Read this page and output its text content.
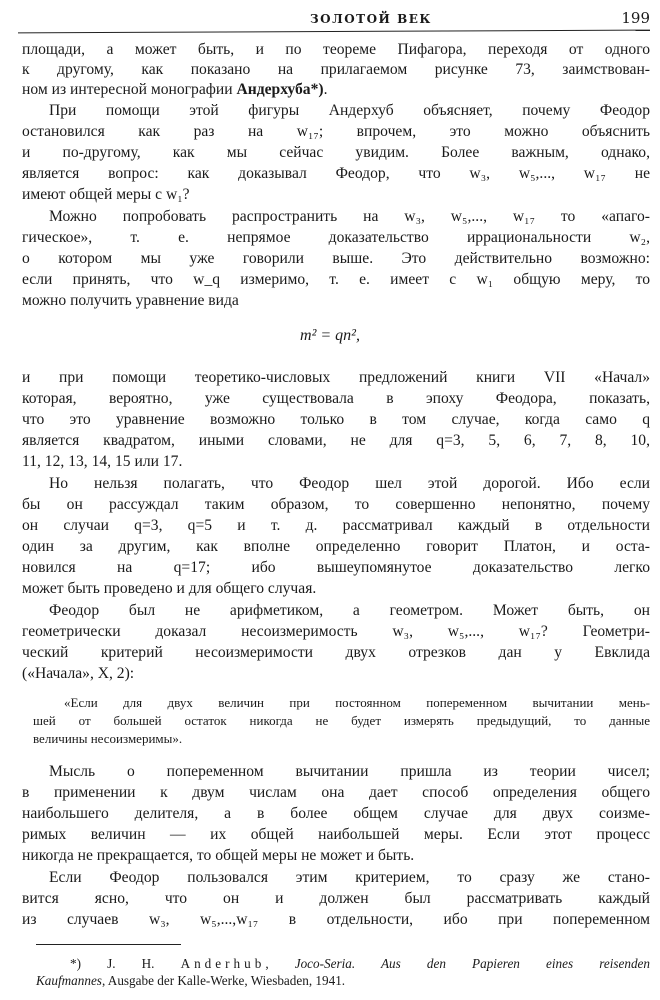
ЗОЛОТОЙ ВЕК	199
площади, а может быть, и по теореме Пифагора, переходя от одного
к другому, как показано на прилагаемом рисунке 73, заимствован-
ном из интересной монографии Андерхуба*).
При помощи этой фигуры Андерхуб объясняет, почему Феодор
остановился как раз на w₁₇; впрочем, это можно объяснить
и по-другому, как мы сейчас увидим. Более важным, однако,
является вопрос: как доказывал Феодор, что w₃, w₅,..., w₁₇ не
имеют общей меры с w₁?
Можно попробовать распространить на w₃, w₅,..., w₁₇ то «апаго-
гическое», т. е. непрямое доказательство иррациональности w₂,
о котором мы уже говорили выше. Это действительно возможно:
если принять, что w_q измеримо, т. е. имеет с w₁ общую меру, то
можно получить уравнение вида
m² = qn²,
и при помощи теоретико-числовых предложений книги VII «Начал»
которая, вероятно, уже существовала в эпоху Феодора, показать,
что это уравнение возможно только в том случае, когда само q
является квадратом, иными словами, не для q=3, 5, 6, 7, 8, 10,
11, 12, 13, 14, 15 или 17.
Но нельзя полагать, что Феодор шел этой дорогой. Ибо если
бы он рассуждал таким образом, то совершенно непонятно, почему
он случаи q=3, q=5 и т. д. рассматривал каждый в отдельности
один за другим, как вполне определенно говорит Платон, и оста-
новился на q=17; ибо вышеупомянутое доказательство легко
может быть проведено и для общего случая.
Феодор был не арифметиком, а геометром. Может быть, он
геометрически доказал несоизмеримость w₃, w₅,..., w₁₇? Геометри-
ческий критерий несоизмеримости двух отрезков дан у Евклида
(«Начала», X, 2):
«Если для двух величин при постоянном попеременном вычитании мень-
шей от большей остаток никогда не будет измерять предыдущий, то данные
величины несоизмеримы».
Мысль о попеременном вычитании пришла из теории чисел;
в применении к двум числам она дает способ определения общего
наибольшего делителя, а в более общем случае для двух соизме-
римых величин — их общей наибольшей меры. Если этот процесс
никогда не прекращается, то общей меры не может и быть.
Если Феодор пользовался этим критерием, то сразу же стано-
вится ясно, что он и должен был рассматривать каждый
из случаев w₃, w₅,...,w₁₇ в отдельности, ибо при попеременном
*) J. H. Anderhub, Joco-Seria. Aus den Papieren eines reisenden
Kaufmannes, Ausgabe der Kalle-Werke, Wiesbaden, 1941.
